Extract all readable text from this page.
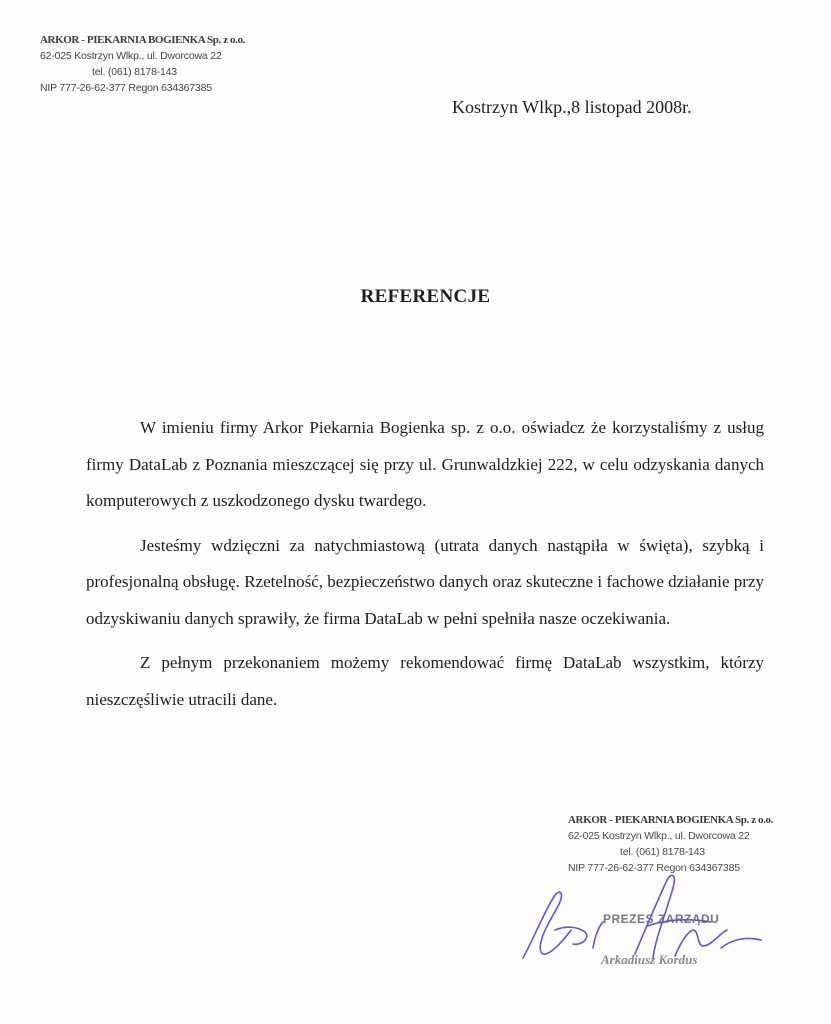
ARKOR - PIEKARNIA BOGIENKA Sp. z o.o.
62-025 Kostrzyn Wlkp., ul. Dworcowa 22
tel. (061) 8178-143
NIP 777-26-62-377 Regon 634367385
Kostrzyn Wlkp.,8 listopad 2008r.
REFERENCJE

W imieniu firmy Arkor Piekarnia Bogienka sp. z o.o. oświadcz że korzystaliśmy z usług firmy DataLab z Poznania mieszczącej się przy ul. Grunwaldzkiej 222, w celu odzyskania danych komputerowych z uszkodzonego dysku twardego.

Jesteśmy wdzięczni za natychmiastową (utrata danych nastąpiła w święta), szybką i profesjonalną obsługę. Rzetelność, bezpieczeństwo danych oraz skuteczne i fachowe działanie przy odzyskiwaniu danych sprawiły, że firma DataLab w pełni spełniła nasze oczekiwania.

Z pełnym przekonaniem możemy rekomendować firmę DataLab wszystkim, którzy nieszczęśliwie utracili dane.

ARKOR - PIEKARNIA BOGIENKA Sp. z o.o.
62-025 Kostrzyn Wlkp., ul. Dworcowa 22
tel. (061) 8178-143
NIP 777-26-62-377 Regon 634367385
PREZES ZARZĄDU
Arkadiusz Kordus
